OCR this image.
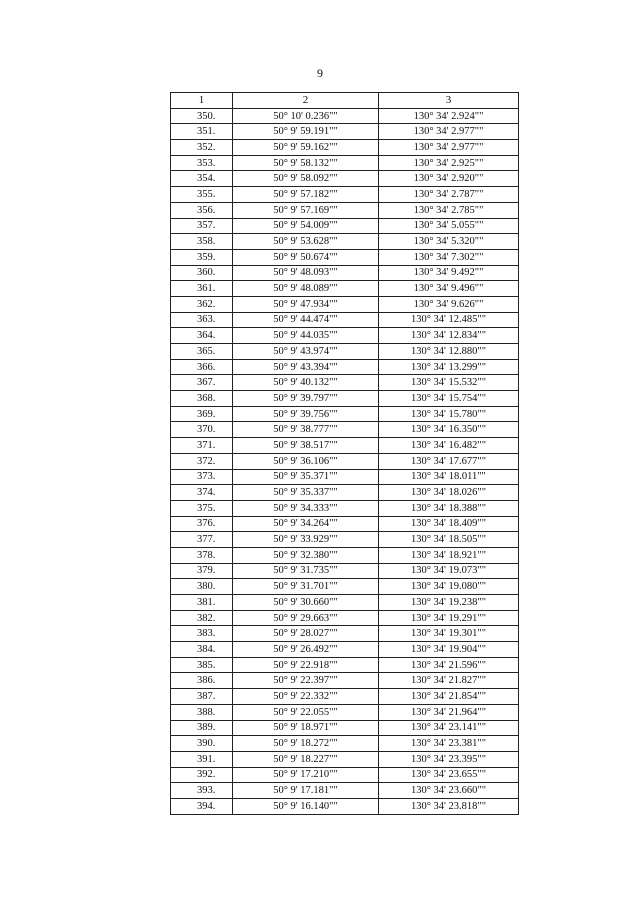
9
1	2	3
350.	50° 10' 0.236""	130° 34' 2.924""
351.	50° 9' 59.191""	130° 34' 2.977""
352.	50° 9' 59.162""	130° 34' 2.977""
353.	50° 9' 58.132""	130° 34' 2.925""
354.	50° 9' 58.092""	130° 34' 2.920""
355.	50° 9' 57.182""	130° 34' 2.787""
356.	50° 9' 57.169""	130° 34' 2.785""
357.	50° 9' 54.009""	130° 34' 5.055""
358.	50° 9' 53.628""	130° 34' 5.320""
359.	50° 9' 50.674""	130° 34' 7.302""
360.	50° 9' 48.093""	130° 34' 9.492""
361.	50° 9' 48.089""	130° 34' 9.496""
362.	50° 9' 47.934""	130° 34' 9.626""
363.	50° 9' 44.474""	130° 34' 12.485""
364.	50° 9' 44.035""	130° 34' 12.834""
365.	50° 9' 43.974""	130° 34' 12.880""
366.	50° 9' 43.394""	130° 34' 13.299""
367.	50° 9' 40.132""	130° 34' 15.532""
368.	50° 9' 39.797""	130° 34' 15.754""
369.	50° 9' 39.756""	130° 34' 15.780""
370.	50° 9' 38.777""	130° 34' 16.350""
371.	50° 9' 38.517""	130° 34' 16.482""
372.	50° 9' 36.106""	130° 34' 17.677""
373.	50° 9' 35.371""	130° 34' 18.011""
374.	50° 9' 35.337""	130° 34' 18.026""
375.	50° 9' 34.333""	130° 34' 18.388""
376.	50° 9' 34.264""	130° 34' 18.409""
377.	50° 9' 33.929""	130° 34' 18.505""
378.	50° 9' 32.380""	130° 34' 18.921""
379.	50° 9' 31.735""	130° 34' 19.073""
380.	50° 9' 31.701""	130° 34' 19.080""
381.	50° 9' 30.660""	130° 34' 19.238""
382.	50° 9' 29.663""	130° 34' 19.291""
383.	50° 9' 28.027""	130° 34' 19.301""
384.	50° 9' 26.492""	130° 34' 19.904""
385.	50° 9' 22.918""	130° 34' 21.596""
386.	50° 9' 22.397""	130° 34' 21.827""
387.	50° 9' 22.332""	130° 34' 21.854""
388.	50° 9' 22.055""	130° 34' 21.964""
389.	50° 9' 18.971""	130° 34' 23.141""
390.	50° 9' 18.272""	130° 34' 23.381""
391.	50° 9' 18.227""	130° 34' 23.395""
392.	50° 9' 17.210""	130° 34' 23.655""
393.	50° 9' 17.181""	130° 34' 23.660""
394.	50° 9' 16.140""	130° 34' 23.818""
